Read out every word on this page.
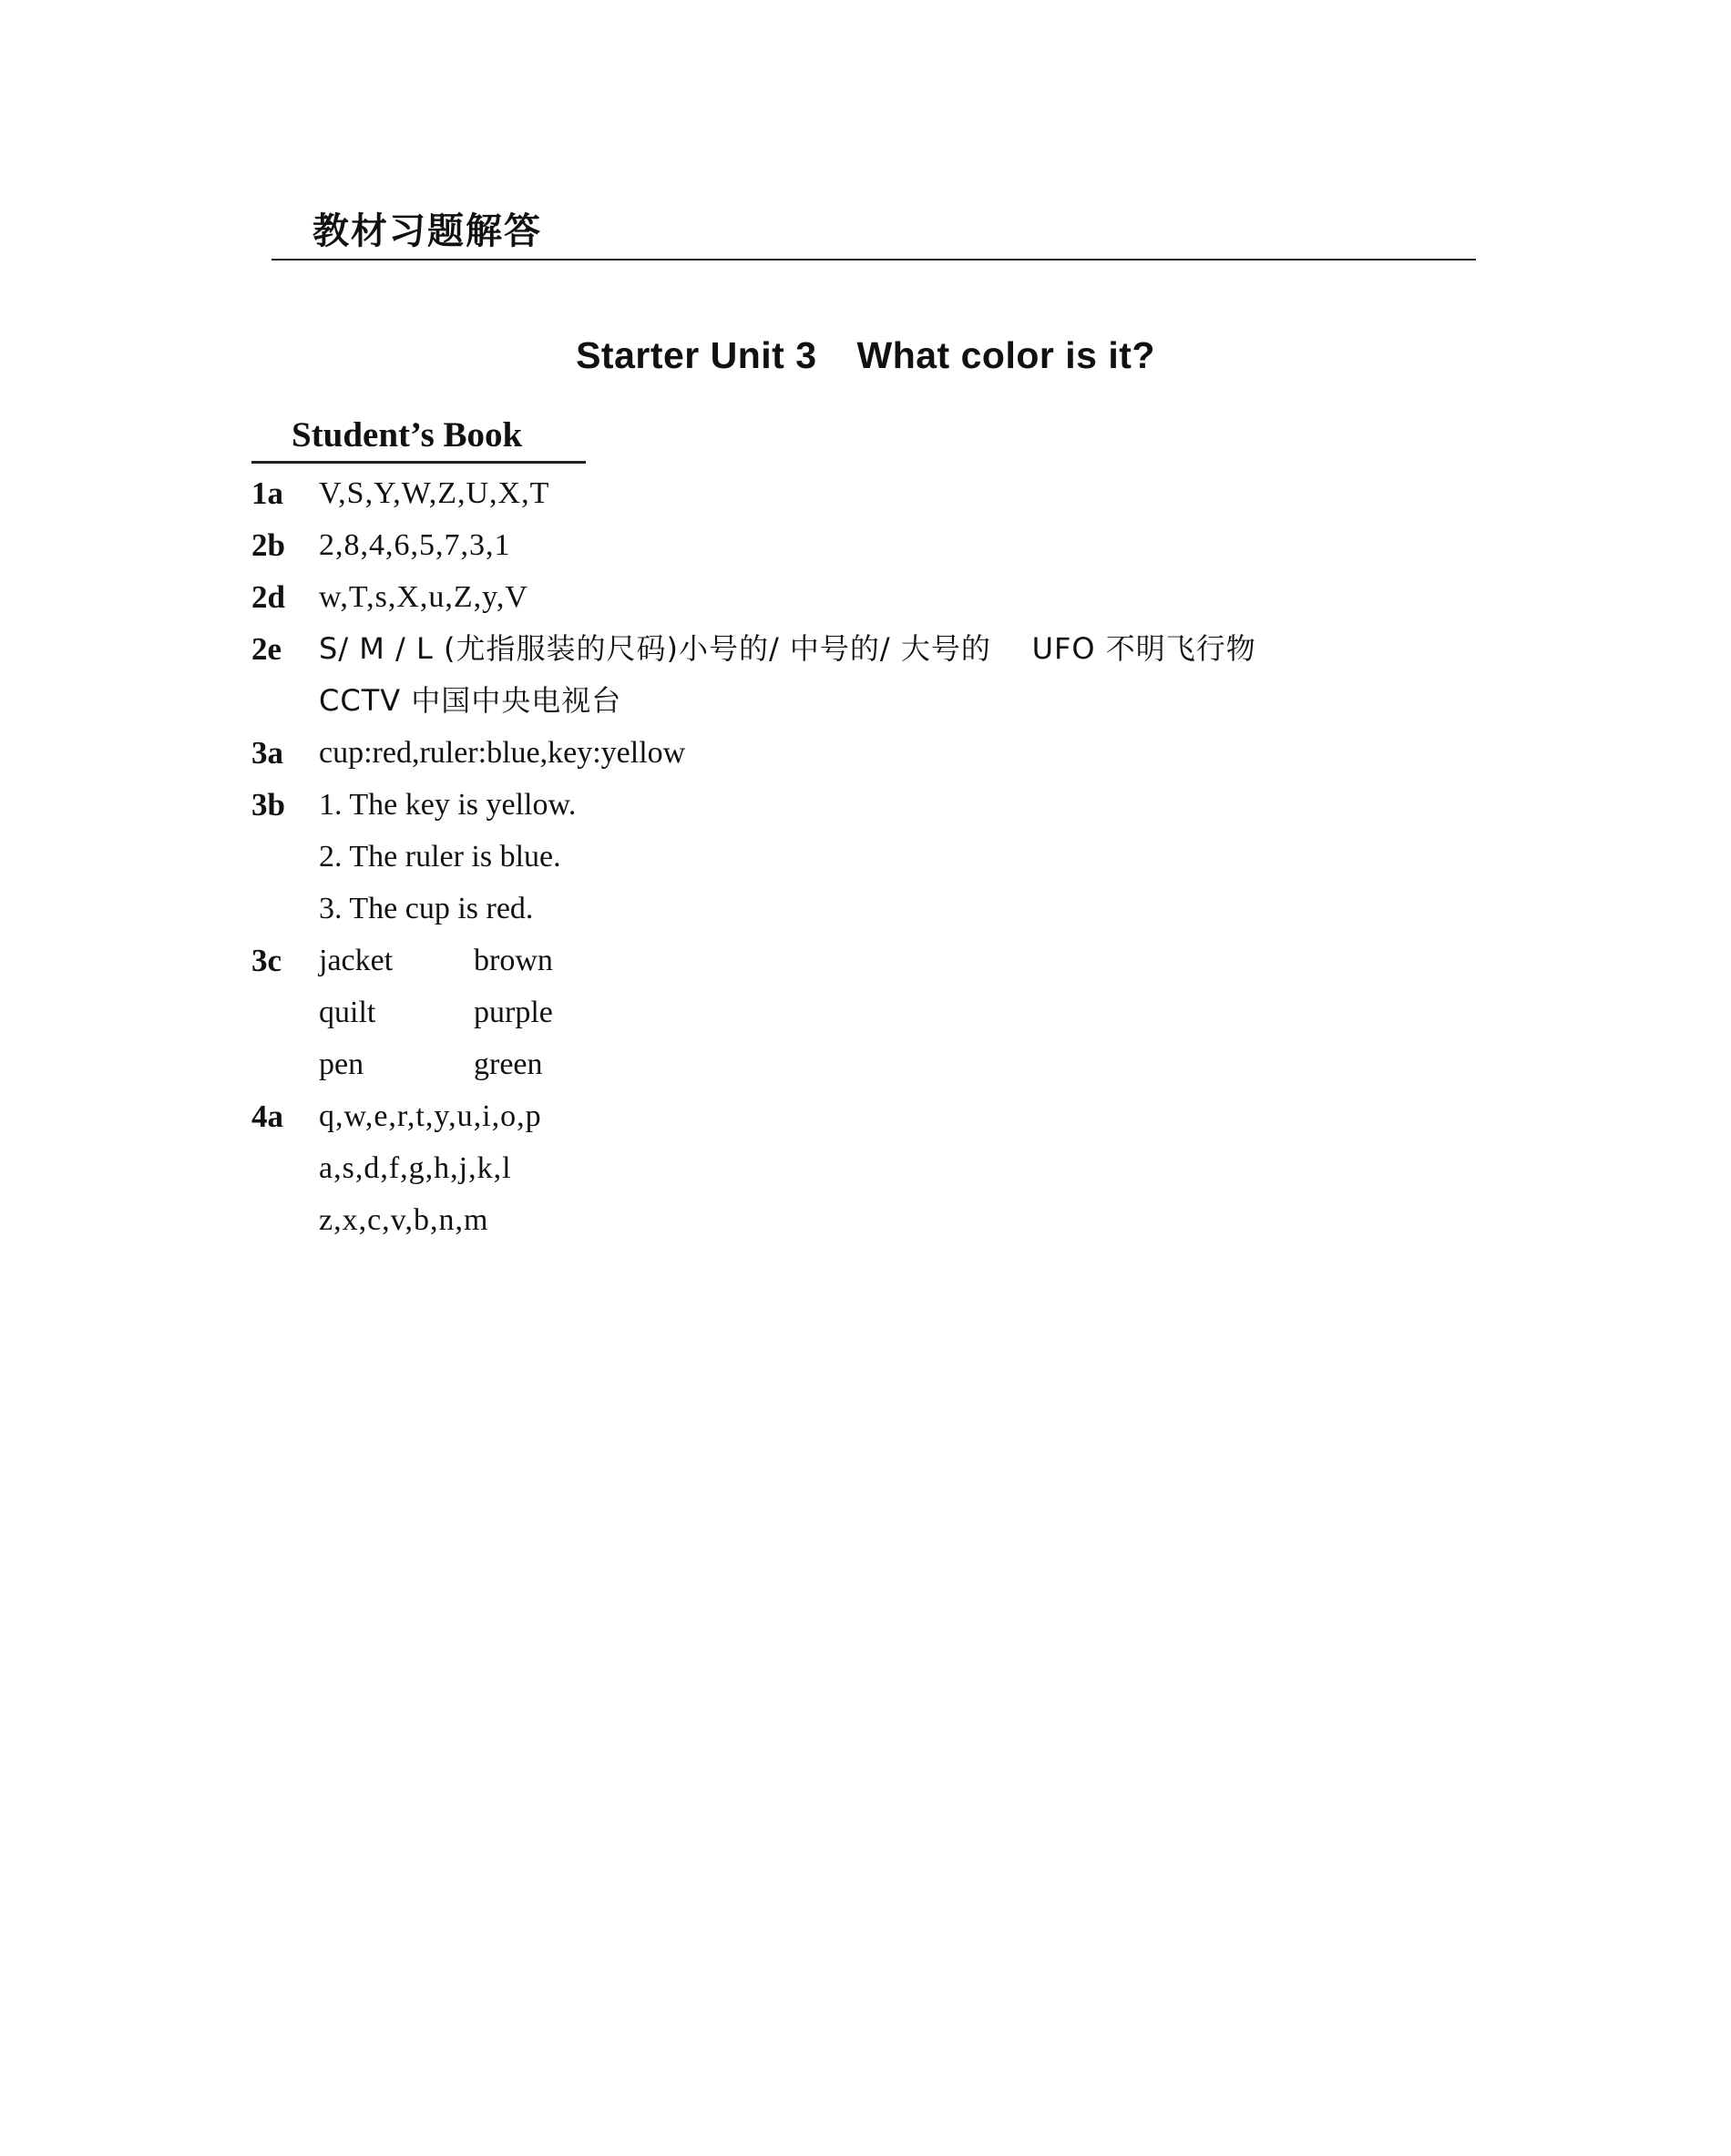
教材习题解答
Starter Unit 3 What color is it?
Student’s Book
1a	V,S,Y,W,Z,U,X,T
2b	2,8,4,6,5,7,3,1
2d	w,T,s,X,u,Z,y,V
2e	S/ M / L (尤指服装的尺码)小号的/ 中号的/ 大号的    UFO 不明飞行物
CCTV 中国中央电视台
3a	cup:red,ruler:blue,key:yellow
3b	1. The key is yellow.
2. The ruler is blue.
3. The cup is red.
3c	jacket	brown
quilt	purple
pen	green
4a	q,w,e,r,t,y,u,i,o,p
a,s,d,f,g,h,j,k,l
z,x,c,v,b,n,m
